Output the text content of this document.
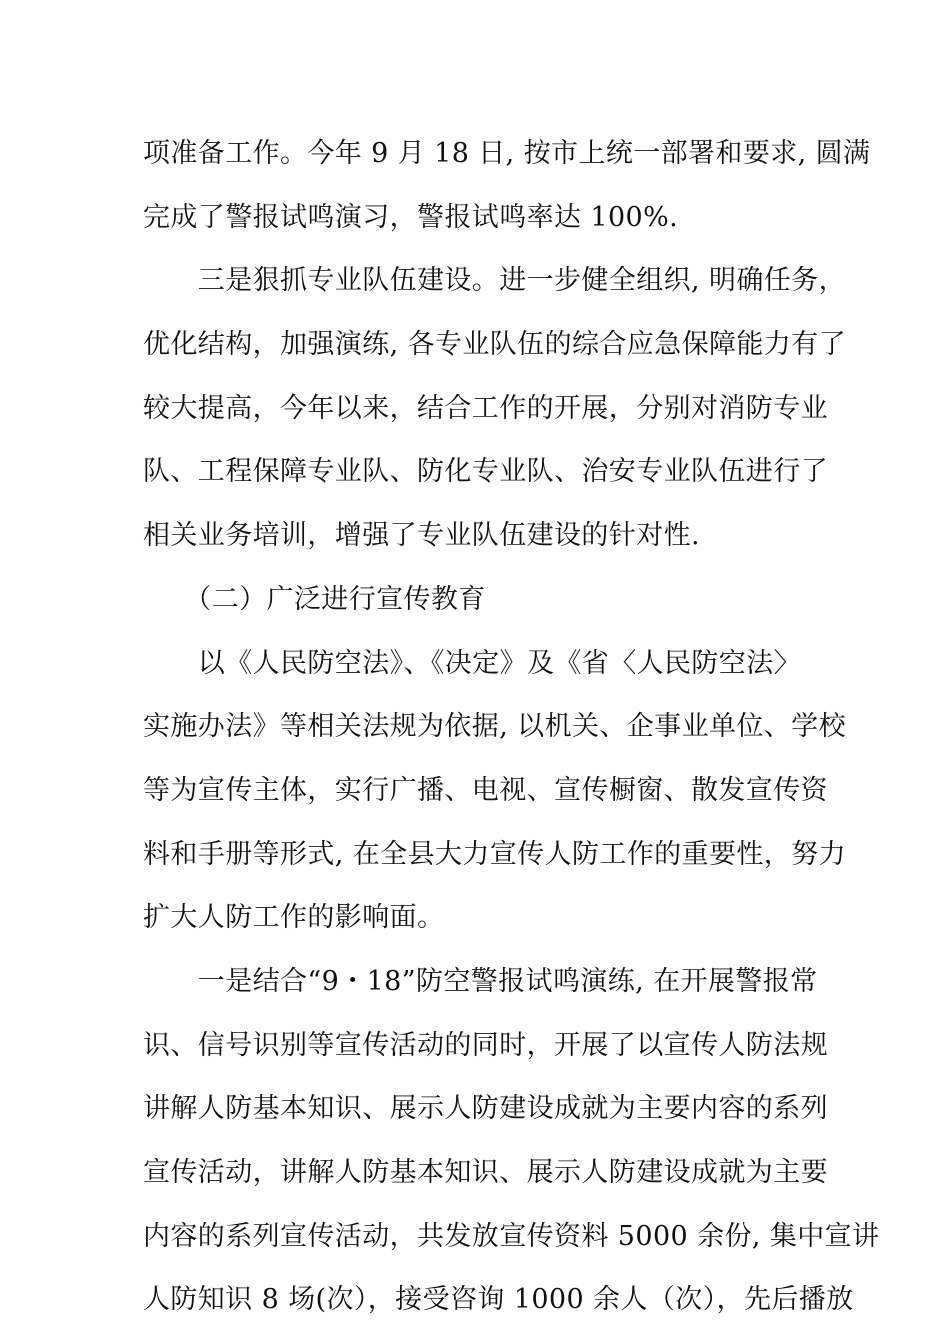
项准备工作。今年 9 月 18 日, 按市上统一部署和要求, 圆满
完成了警报试鸣演习，警报试鸣率达 100%.
　　三是狠抓专业队伍建设。进一步健全组织, 明确任务，
优化结构，加强演练, 各专业队伍的综合应急保障能力有了
较大提高，今年以来，结合工作的开展，分别对消防专业
队、工程保障专业队、防化专业队、治安专业队伍进行了
相关业务培训，增强了专业队伍建设的针对性.
　　（二）广泛进行宣传教育
　　以《人民防空法》、《决定》及《省〈人民防空法〉
实施办法》等相关法规为依据, 以机关、企事业单位、学校
等为宣传主体，实行广播、电视、宣传橱窗、散发宣传资
料和手册等形式, 在全县大力宣传人防工作的重要性，努力
扩大人防工作的影响面。
　　一是结合“9・18”防空警报试鸣演练, 在开展警报常
识、信号识别等宣传活动的同时，开展了以宣传人防法规
讲解人防基本知识、展示人防建设成就为主要内容的系列
宣传活动，讲解人防基本知识、展示人防建设成就为主要
内容的系列宣传活动，共发放宣传资料 5000 余份, 集中宣讲
人防知识 8 场(次），接受咨询 1000 余人（次），先后播放
